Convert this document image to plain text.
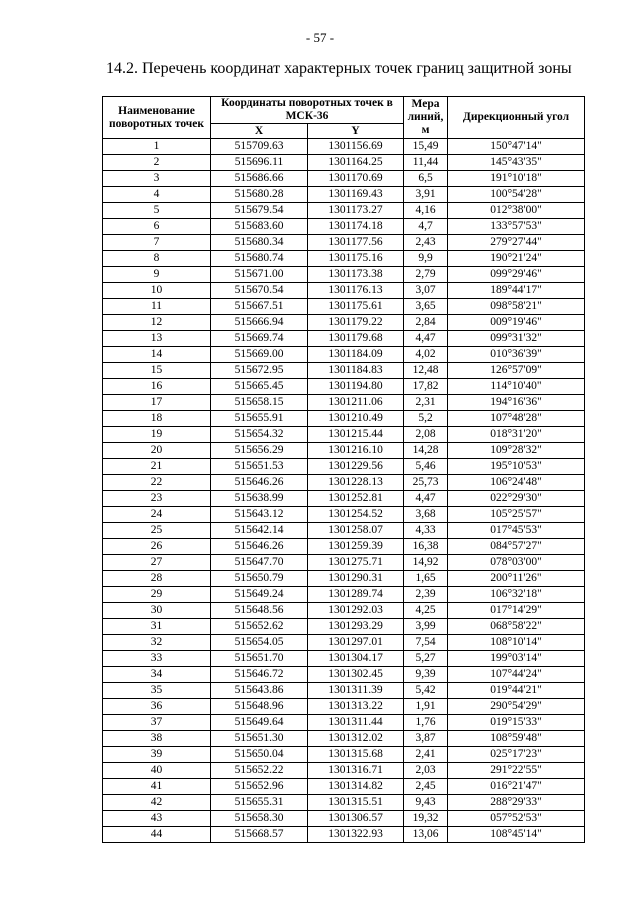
- 57 -
14.2. Перечень координат характерных точек границ защитной зоны
Наименование поворотных точек	Координаты поворотных точек в МСК-36		Мера линий, м	Дирекционный угол
	X	Y		
1	515709.63	1301156.69	15,49	150°47'14"
2	515696.11	1301164.25	11,44	145°43'35"
3	515686.66	1301170.69	6,5	191°10'18"
4	515680.28	1301169.43	3,91	100°54'28"
5	515679.54	1301173.27	4,16	012°38'00"
6	515683.60	1301174.18	4,7	133°57'53"
7	515680.34	1301177.56	2,43	279°27'44"
8	515680.74	1301175.16	9,9	190°21'24"
9	515671.00	1301173.38	2,79	099°29'46"
10	515670.54	1301176.13	3,07	189°44'17"
11	515667.51	1301175.61	3,65	098°58'21"
12	515666.94	1301179.22	2,84	009°19'46"
13	515669.74	1301179.68	4,47	099°31'32"
14	515669.00	1301184.09	4,02	010°36'39"
15	515672.95	1301184.83	12,48	126°57'09"
16	515665.45	1301194.80	17,82	114°10'40"
17	515658.15	1301211.06	2,31	194°16'36"
18	515655.91	1301210.49	5,2	107°48'28"
19	515654.32	1301215.44	2,08	018°31'20"
20	515656.29	1301216.10	14,28	109°28'32"
21	515651.53	1301229.56	5,46	195°10'53"
22	515646.26	1301228.13	25,73	106°24'48"
23	515638.99	1301252.81	4,47	022°29'30"
24	515643.12	1301254.52	3,68	105°25'57"
25	515642.14	1301258.07	4,33	017°45'53"
26	515646.26	1301259.39	16,38	084°57'27"
27	515647.70	1301275.71	14,92	078°03'00"
28	515650.79	1301290.31	1,65	200°11'26"
29	515649.24	1301289.74	2,39	106°32'18"
30	515648.56	1301292.03	4,25	017°14'29"
31	515652.62	1301293.29	3,99	068°58'22"
32	515654.05	1301297.01	7,54	108°10'14"
33	515651.70	1301304.17	5,27	199°03'14"
34	515646.72	1301302.45	9,39	107°44'24"
35	515643.86	1301311.39	5,42	019°44'21"
36	515648.96	1301313.22	1,91	290°54'29"
37	515649.64	1301311.44	1,76	019°15'33"
38	515651.30	1301312.02	3,87	108°59'48"
39	515650.04	1301315.68	2,41	025°17'23"
40	515652.22	1301316.71	2,03	291°22'55"
41	515652.96	1301314.82	2,45	016°21'47"
42	515655.31	1301315.51	9,43	288°29'33"
43	515658.30	1301306.57	19,32	057°52'53"
44	515668.57	1301322.93	13,06	108°45'14"
